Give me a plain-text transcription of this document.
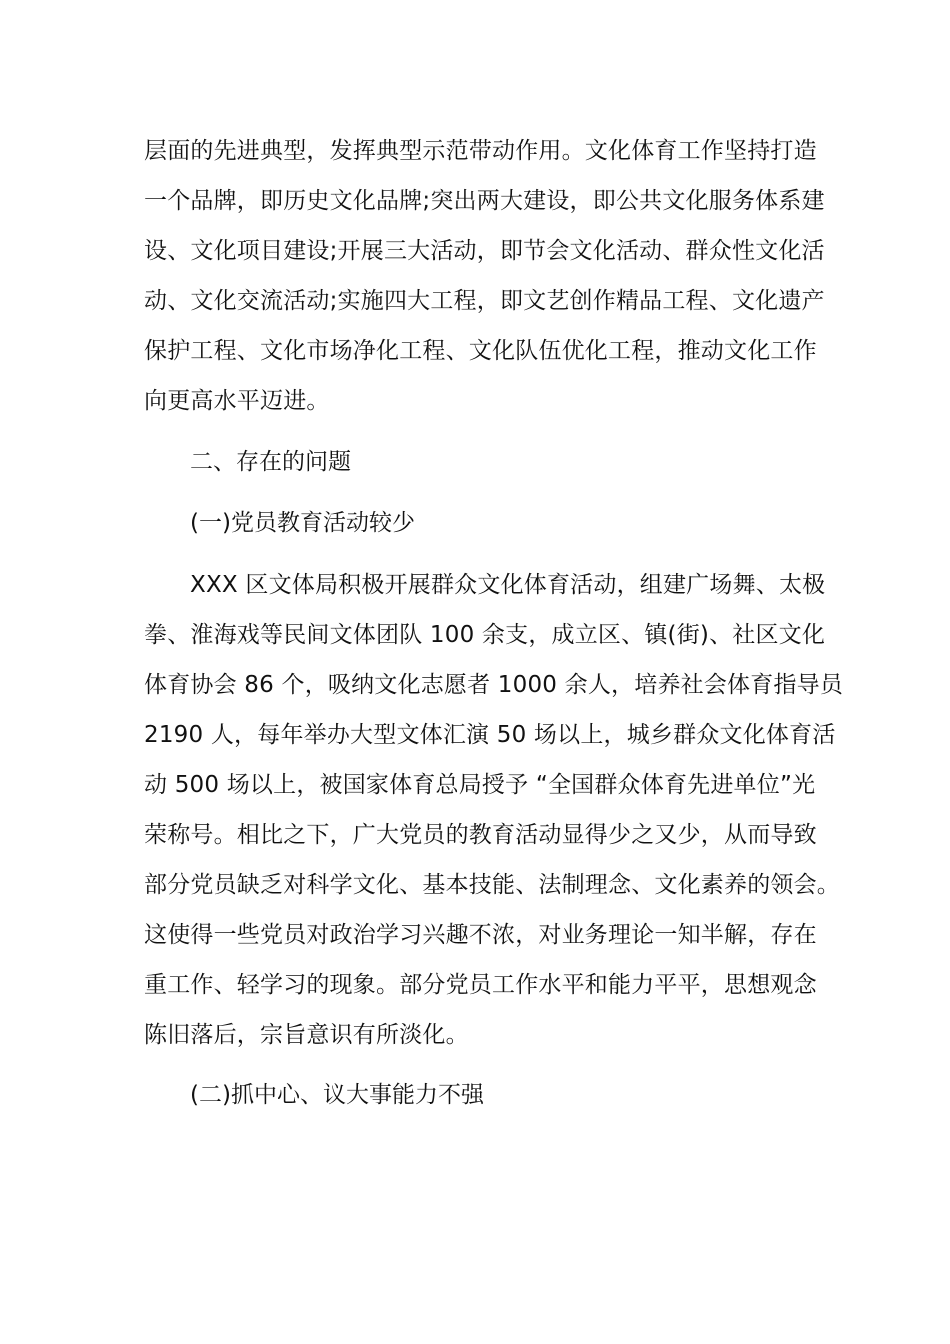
层面的先进典型，发挥典型示范带动作用。文化体育工作坚持打造
一个品牌，即历史文化品牌;突出两大建设，即公共文化服务体系建
设、文化项目建设;开展三大活动，即节会文化活动、群众性文化活
动、文化交流活动;实施四大工程，即文艺创作精品工程、文化遗产
保护工程、文化市场净化工程、文化队伍优化工程，推动文化工作
向更高水平迈进。
二、存在的问题
(一)党员教育活动较少
XXX 区文体局积极开展群众文化体育活动，组建广场舞、太极
拳、淮海戏等民间文体团队 100 余支，成立区、镇(街)、社区文化
体育协会 86 个，吸纳文化志愿者 1000 余人，培养社会体育指导员
2190 人，每年举办大型文体汇演 50 场以上，城乡群众文化体育活
动 500 场以上，被国家体育总局授予 “全国群众体育先进单位”光
荣称号。相比之下，广大党员的教育活动显得少之又少，从而导致
部分党员缺乏对科学文化、基本技能、法制理念、文化素养的领会。
这使得一些党员对政治学习兴趣不浓，对业务理论一知半解，存在
重工作、轻学习的现象。部分党员工作水平和能力平平，思想观念
陈旧落后，宗旨意识有所淡化。
(二)抓中心、议大事能力不强
